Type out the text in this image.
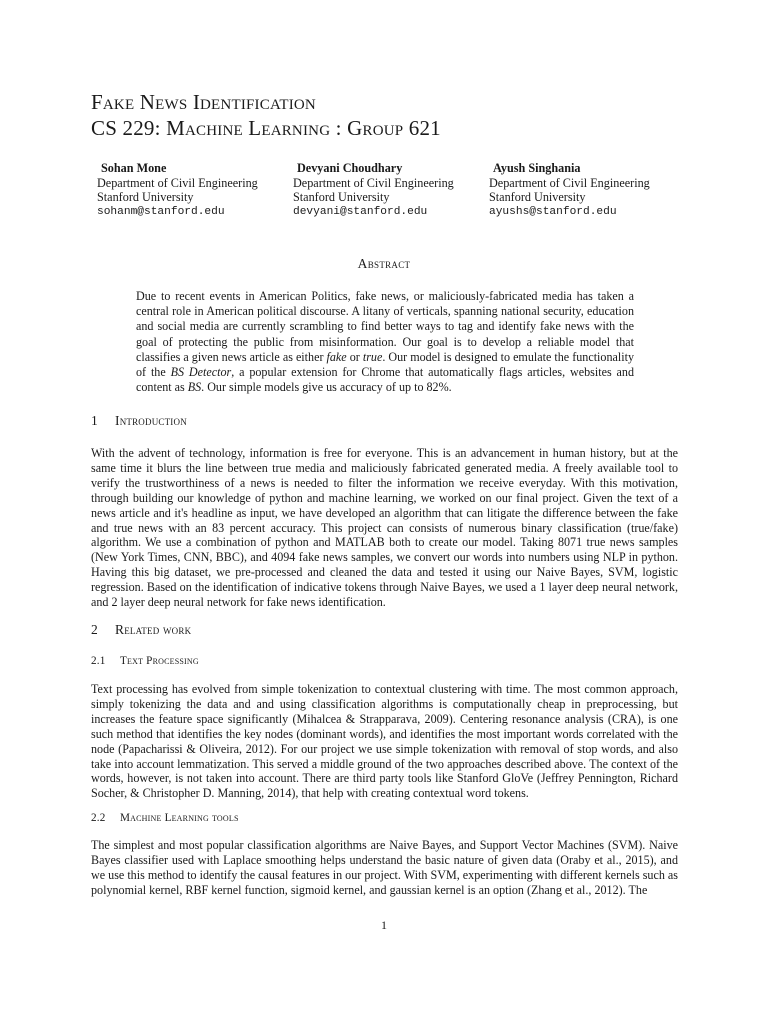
Fake News Identification
CS 229: Machine Learning : Group 621
Sohan Mone
Department of Civil Engineering
Stanford University
sohanm@stanford.edu
Devyani Choudhary
Department of Civil Engineering
Stanford University
devyani@stanford.edu
Ayush Singhania
Department of Civil Engineering
Stanford University
ayushs@stanford.edu
Abstract
Due to recent events in American Politics, fake news, or maliciously-fabricated media has taken a central role in American political discourse. A litany of verticals, spanning national security, education and social media are currently scrambling to find better ways to tag and identify fake news with the goal of protecting the public from misinformation. Our goal is to develop a reliable model that classifies a given news article as either fake or true. Our model is designed to emulate the functionality of the BS Detector, a popular extension for Chrome that automatically flags articles, websites and content as BS. Our simple models give us accuracy of up to 82%.
1 Introduction
With the advent of technology, information is free for everyone. This is an advancement in human history, but at the same time it blurs the line between true media and maliciously fabricated generated media. A freely available tool to verify the trustworthiness of a news is needed to filter the information we receive everyday. With this motivation, through building our knowledge of python and machine learning, we worked on our final project. Given the text of a news article and it's headline as input, we have developed an algorithm that can litigate the difference between the fake and true news with an 83 percent accuracy. This project can consists of numerous binary classification (true/fake) algorithm. We use a combination of python and MATLAB both to create our model. Taking 8071 true news samples (New York Times, CNN, BBC), and 4094 fake news samples, we convert our words into numbers using NLP in python. Having this big dataset, we pre-processed and cleaned the data and tested it using our Naive Bayes, SVM, logistic regression. Based on the identification of indicative tokens through Naive Bayes, we used a 1 layer deep neural network, and 2 layer deep neural network for fake news identification.
2 Related work
2.1 Text Processing
Text processing has evolved from simple tokenization to contextual clustering with time. The most common approach, simply tokenizing the data and and using classification algorithms is computationally cheap in preprocessing, but increases the feature space significantly (Mihalcea & Strapparava, 2009). Centering resonance analysis (CRA), is one such method that identifies the key nodes (dominant words), and identifies the most important words correlated with the node (Papacharissi & Oliveira, 2012). For our project we use simple tokenization with removal of stop words, and also take into account lemmatization. This served a middle ground of the two approaches described above. The context of the words, however, is not taken into account. There are third party tools like Stanford GloVe (Jeffrey Pennington, Richard Socher, & Christopher D. Manning, 2014), that help with creating contextual word tokens.
2.2 Machine Learning tools
The simplest and most popular classification algorithms are Naive Bayes, and Support Vector Machines (SVM). Naive Bayes classifier used with Laplace smoothing helps understand the basic nature of given data (Oraby et al., 2015), and we use this method to identify the causal features in our project. With SVM, experimenting with different kernels such as polynomial kernel, RBF kernel function, sigmoid kernel, and gaussian kernel is an option (Zhang et al., 2012). The
1
